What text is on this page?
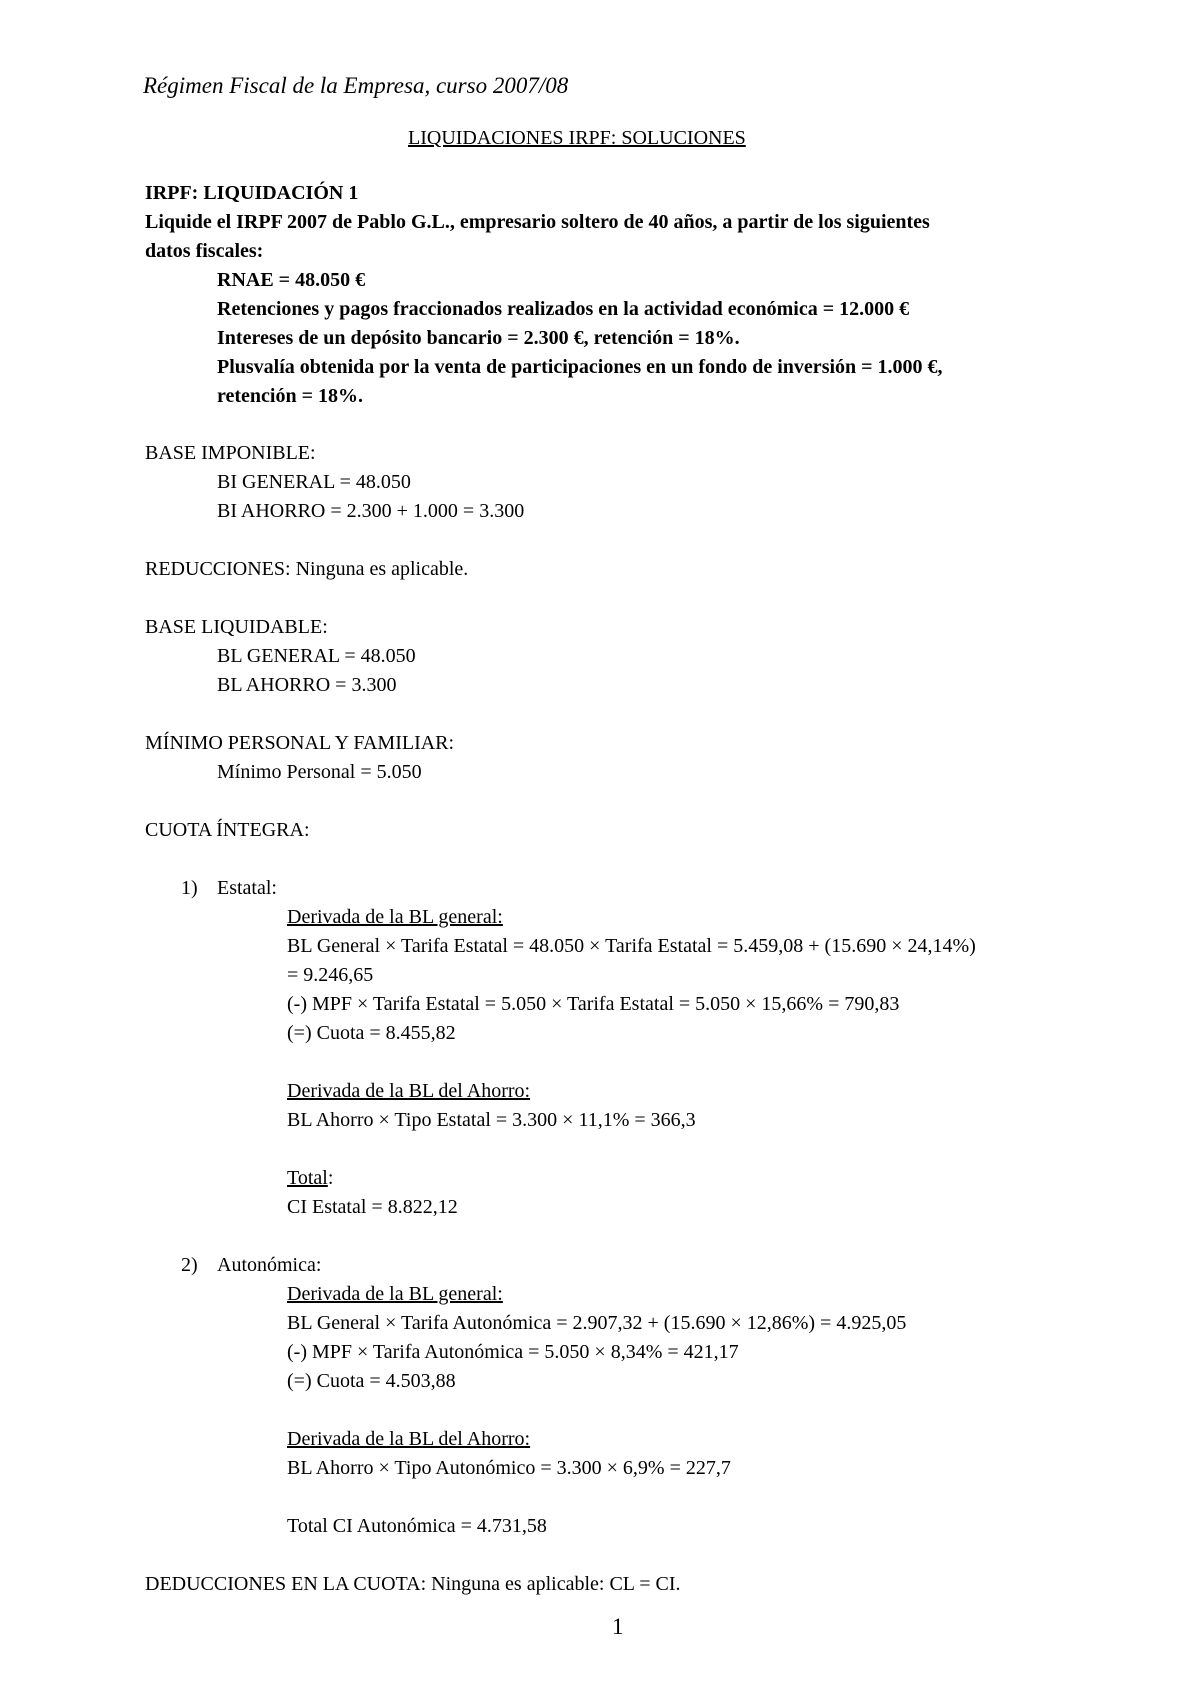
Régimen Fiscal de la Empresa, curso 2007/08
LIQUIDACIONES IRPF: SOLUCIONES
IRPF: LIQUIDACIÓN 1
Liquide el IRPF 2007 de Pablo G.L., empresario soltero de 40 años, a partir de los siguientes
datos fiscales:
RNAE = 48.050 €
Retenciones y pagos fraccionados realizados en la actividad económica = 12.000 €
Intereses de un depósito bancario = 2.300 €, retención = 18%.
Plusvalía obtenida por la venta de participaciones en un fondo de inversión = 1.000 €,
retención = 18%.
BASE IMPONIBLE:
BI GENERAL = 48.050
BI AHORRO = 2.300 + 1.000 = 3.300
REDUCCIONES: Ninguna es aplicable.
BASE LIQUIDABLE:
BL GENERAL = 48.050
BL AHORRO = 3.300
MÍNIMO PERSONAL Y FAMILIAR:
Mínimo Personal = 5.050
CUOTA ÍNTEGRA:
1) Estatal:
Derivada de la BL general:
BL General × Tarifa Estatal = 48.050 × Tarifa Estatal = 5.459,08 + (15.690 × 24,14%)
= 9.246,65
(-) MPF × Tarifa Estatal = 5.050 × Tarifa Estatal = 5.050 × 15,66% = 790,83
(=) Cuota = 8.455,82
Derivada de la BL del Ahorro:
BL Ahorro × Tipo Estatal = 3.300 × 11,1% = 366,3
Total:
CI Estatal = 8.822,12
2) Autonómica:
Derivada de la BL general:
BL General × Tarifa Autonómica = 2.907,32 + (15.690 × 12,86%) = 4.925,05
(-) MPF × Tarifa Autonómica = 5.050 × 8,34% = 421,17
(=) Cuota = 4.503,88
Derivada de la BL del Ahorro:
BL Ahorro × Tipo Autonómico = 3.300 × 6,9% = 227,7
Total CI Autonómica = 4.731,58
DEDUCCIONES EN LA CUOTA: Ninguna es aplicable: CL = CI.
1
